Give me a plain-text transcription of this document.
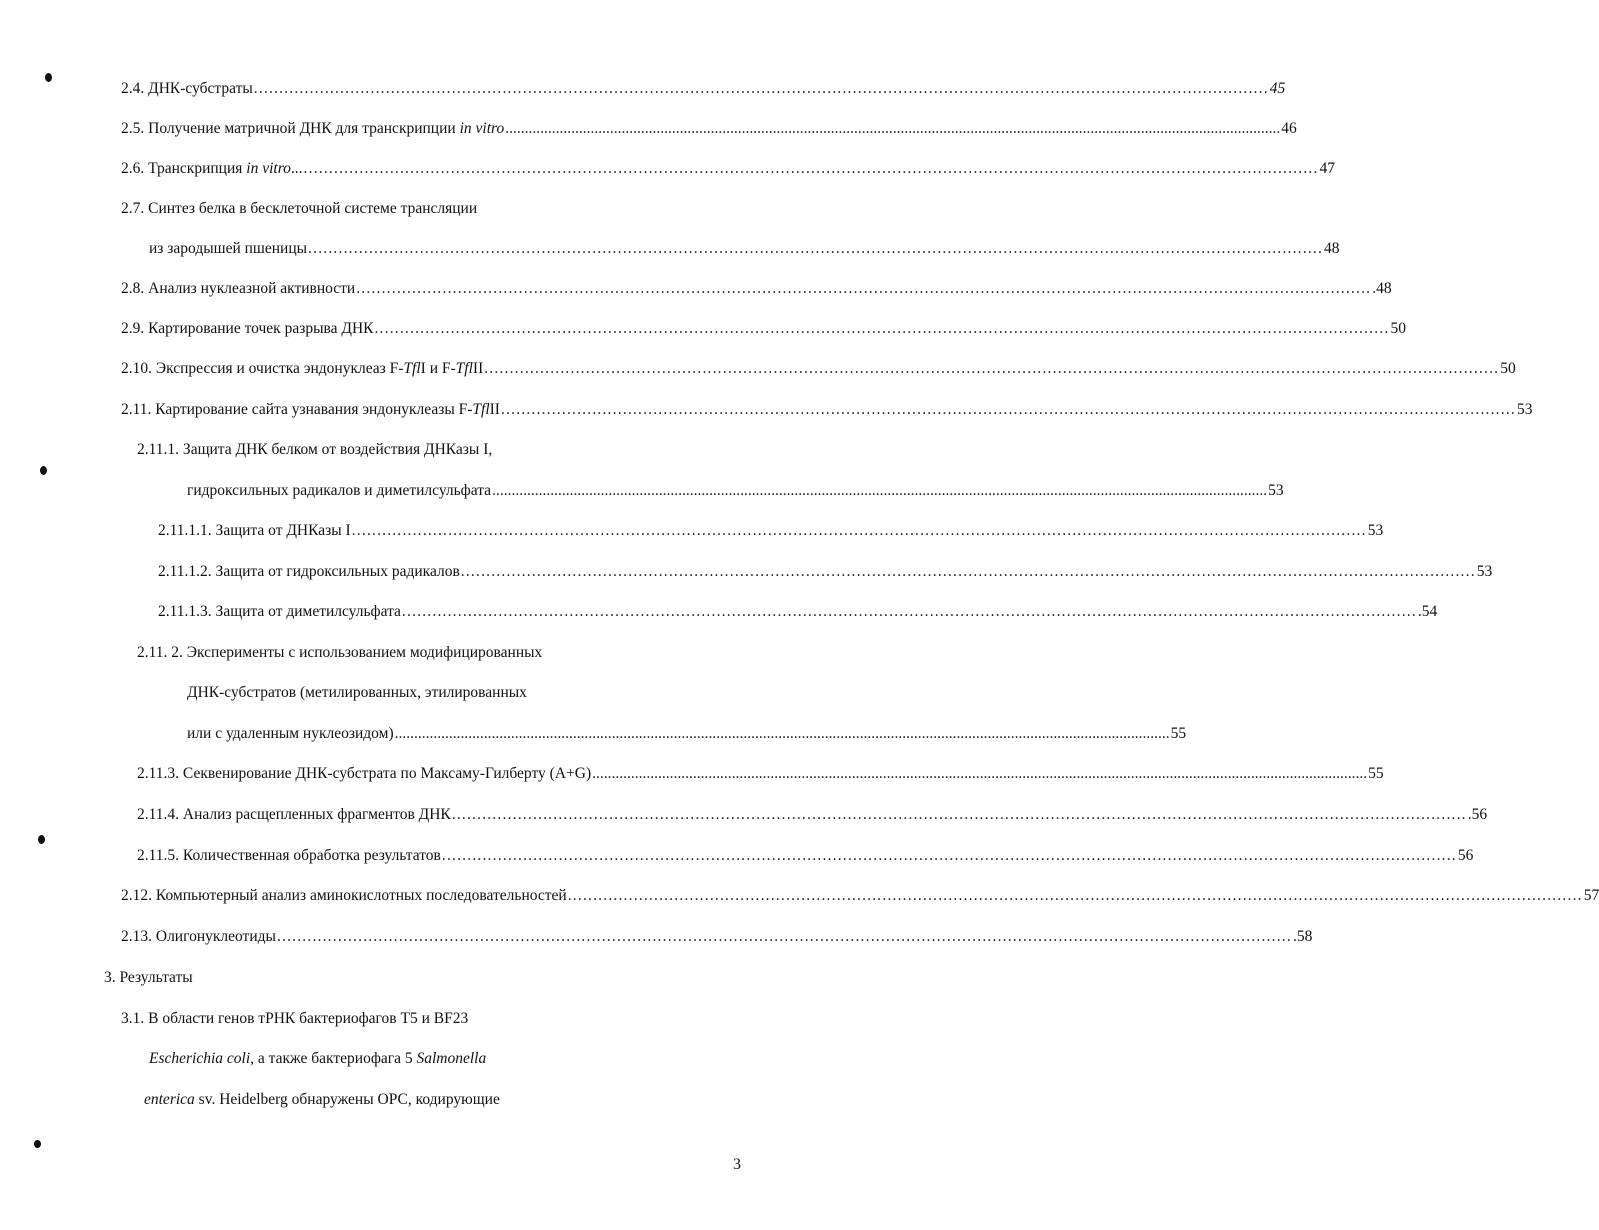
2.4. ДНК-субстраты ........................................................................................................................................................................................................ 45
2.5. Получение матричной ДНК для транскрипции in vitro ........................................................................................................................................................................................................ 46
2.6. Транскрипция in vitro... ........................................................................................................................................................................................................ 47
2.7. Синтез белка в бесклеточной системе трансляции
из зародышей пшеницы ........................................................................................................................................................................................................ 48
2.8. Анализ нуклеазной активности ........................................................................................................................................................................................................ .48
2.9. Картирование точек разрыва ДНК ........................................................................................................................................................................................................ 50
2.10. Экспрессия и очистка эндонуклеаз F-TflI и F-TflII ........................................................................................................................................................................................................ 50
2.11. Картирование сайта узнавания эндонуклеазы F-TflII ........................................................................................................................................................................................................ 53
2.11.1. Защита ДНК белком от воздействия ДНКазы I,
гидроксильных радикалов и диметилсульфата ........................................................................................................................................................................................................ 53
2.11.1.1. Защита от ДНКазы I ........................................................................................................................................................................................................ 53
2.11.1.2. Защита от гидроксильных радикалов ........................................................................................................................................................................................................ 53
2.11.1.3. Защита от диметилсульфата ........................................................................................................................................................................................................ .54
2.11. 2. Эксперименты с использованием модифицированных
ДНК-субстратов (метилированных, этилированных
или с удаленным нуклеозидом) ........................................................................................................................................................................................................ 55
2.11.3. Секвенирование ДНК-субстрата по Максаму-Гилберту (А+G) ........................................................................................................................................................................................................ 55
2.11.4. Анализ расщепленных фрагментов ДНК ........................................................................................................................................................................................................ .56
2.11.5. Количественная обработка результатов ........................................................................................................................................................................................................ 56
2.12. Компьютерный анализ аминокислотных последовательностей ........................................................................................................................................................................................................ 57
2.13. Олигонуклеотиды ........................................................................................................................................................................................................ .58
3. Результаты
3.1. В области генов тРНК бактериофагов Т5 и BF23
Escherichia coli, а также бактериофага 5 Salmonella
enterica sv. Heidelberg обнаружены ОРС, кодирующие
3
